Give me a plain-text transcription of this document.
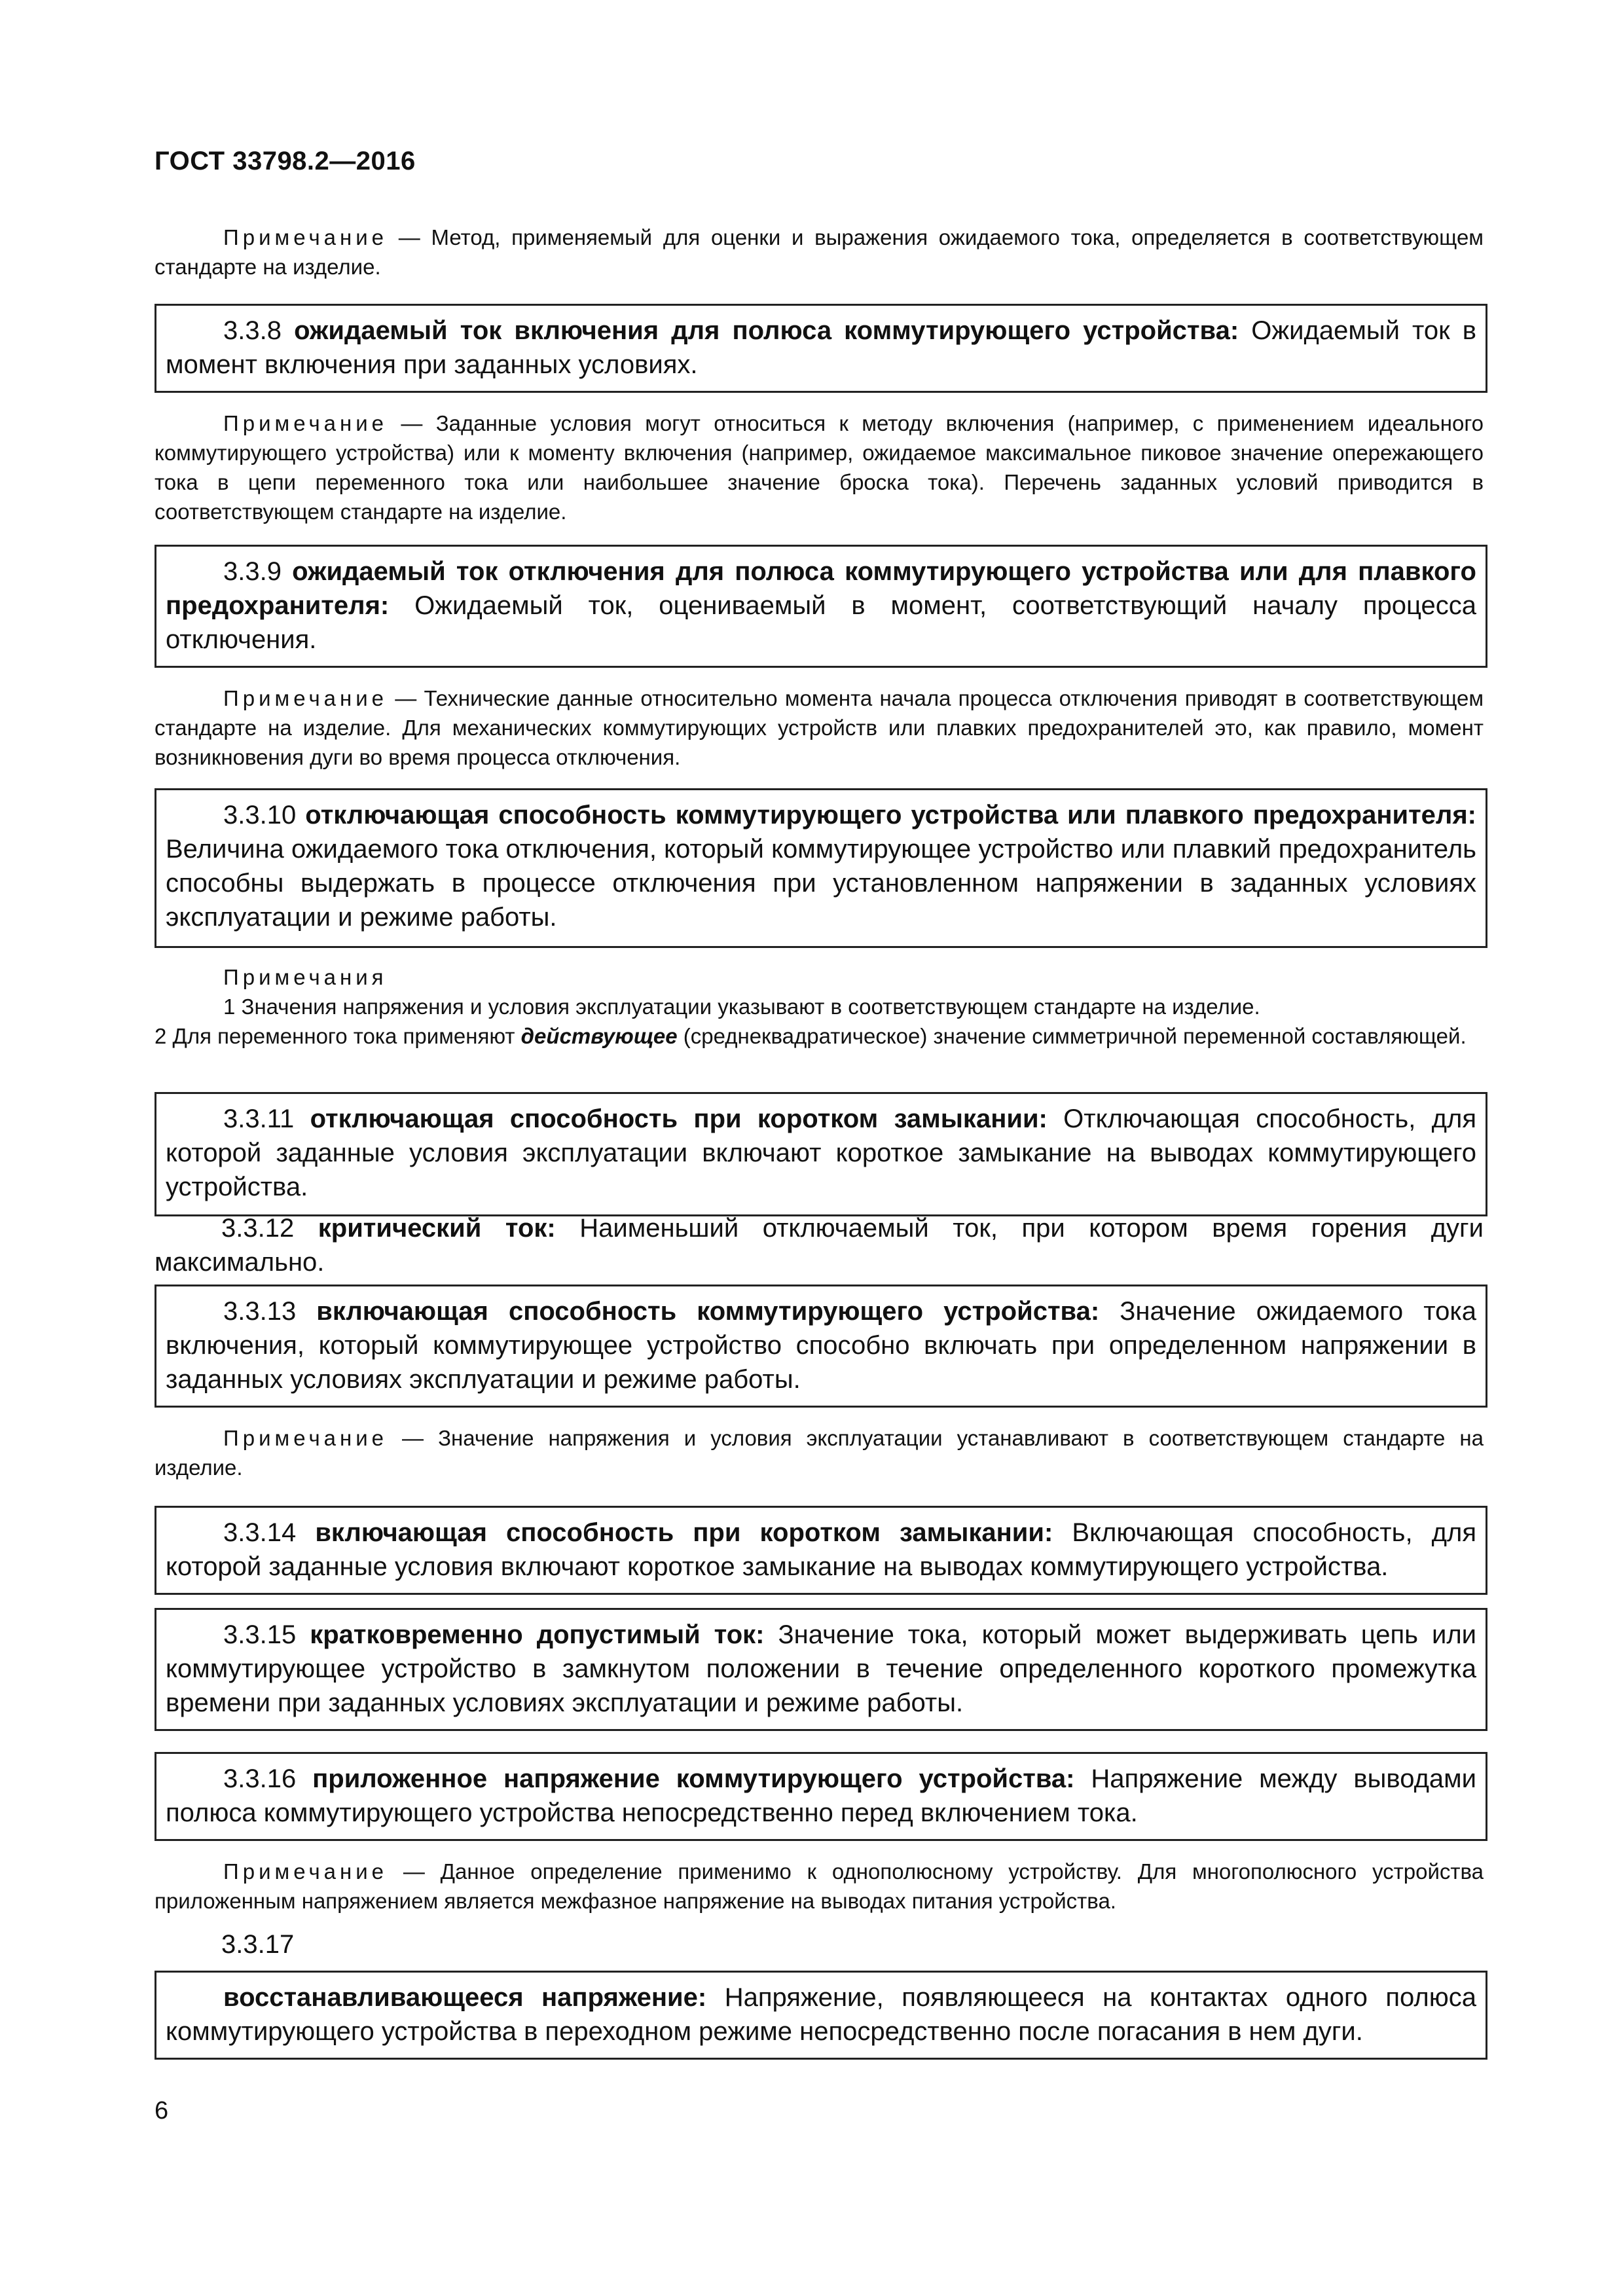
ГОСТ 33798.2—2016
Примечание — Метод, применяемый для оценки и выражения ожидаемого тока, определяется в соответствующем стандарте на изделие.
3.3.8 ожидаемый ток включения для полюса коммутирующего устройства: Ожидаемый ток в момент включения при заданных условиях.
Примечание — Заданные условия могут относиться к методу включения (например, с применением идеального коммутирующего устройства) или к моменту включения (например, ожидаемое максимальное пиковое значение опережающего тока в цепи переменного тока или наибольшее значение броска тока). Перечень заданных условий приводится в соответствующем стандарте на изделие.
3.3.9 ожидаемый ток отключения для полюса коммутирующего устройства или для плавкого предохранителя: Ожидаемый ток, оцениваемый в момент, соответствующий началу процесса отключения.
Примечание — Технические данные относительно момента начала процесса отключения приводят в соответствующем стандарте на изделие. Для механических коммутирующих устройств или плавких предохранителей это, как правило, момент возникновения дуги во время процесса отключения.
3.3.10 отключающая способность коммутирующего устройства или плавкого предохранителя: Величина ожидаемого тока отключения, который коммутирующее устройство или плавкий предохранитель способны выдержать в процессе отключения при установленном напряжении в заданных условиях эксплуатации и режиме работы.
Примечания
1 Значения напряжения и условия эксплуатации указывают в соответствующем стандарте на изделие.
2 Для переменного тока применяют действующее (среднеквадратическое) значение симметричной переменной составляющей.
3.3.11 отключающая способность при коротком замыкании: Отключающая способность, для которой заданные условия эксплуатации включают короткое замыкание на выводах коммутирующего устройства.
3.3.12 критический ток: Наименьший отключаемый ток, при котором время горения дуги максимально.
3.3.13 включающая способность коммутирующего устройства: Значение ожидаемого тока включения, который коммутирующее устройство способно включать при определенном напряжении в заданных условиях эксплуатации и режиме работы.
Примечание — Значение напряжения и условия эксплуатации устанавливают в соответствующем стандарте на изделие.
3.3.14 включающая способность при коротком замыкании: Включающая способность, для которой заданные условия включают короткое замыкание на выводах коммутирующего устройства.
3.3.15 кратковременно допустимый ток: Значение тока, который может выдерживать цепь или коммутирующее устройство в замкнутом положении в течение определенного короткого промежутка времени при заданных условиях эксплуатации и режиме работы.
3.3.16 приложенное напряжение коммутирующего устройства: Напряжение между выводами полюса коммутирующего устройства непосредственно перед включением тока.
Примечание — Данное определение применимо к однополюсному устройству. Для многополюсного устройства приложенным напряжением является межфазное напряжение на выводах питания устройства.
3.3.17
восстанавливающееся напряжение: Напряжение, появляющееся на контактах одного полюса коммутирующего устройства в переходном режиме непосредственно после погасания в нем дуги.
6
